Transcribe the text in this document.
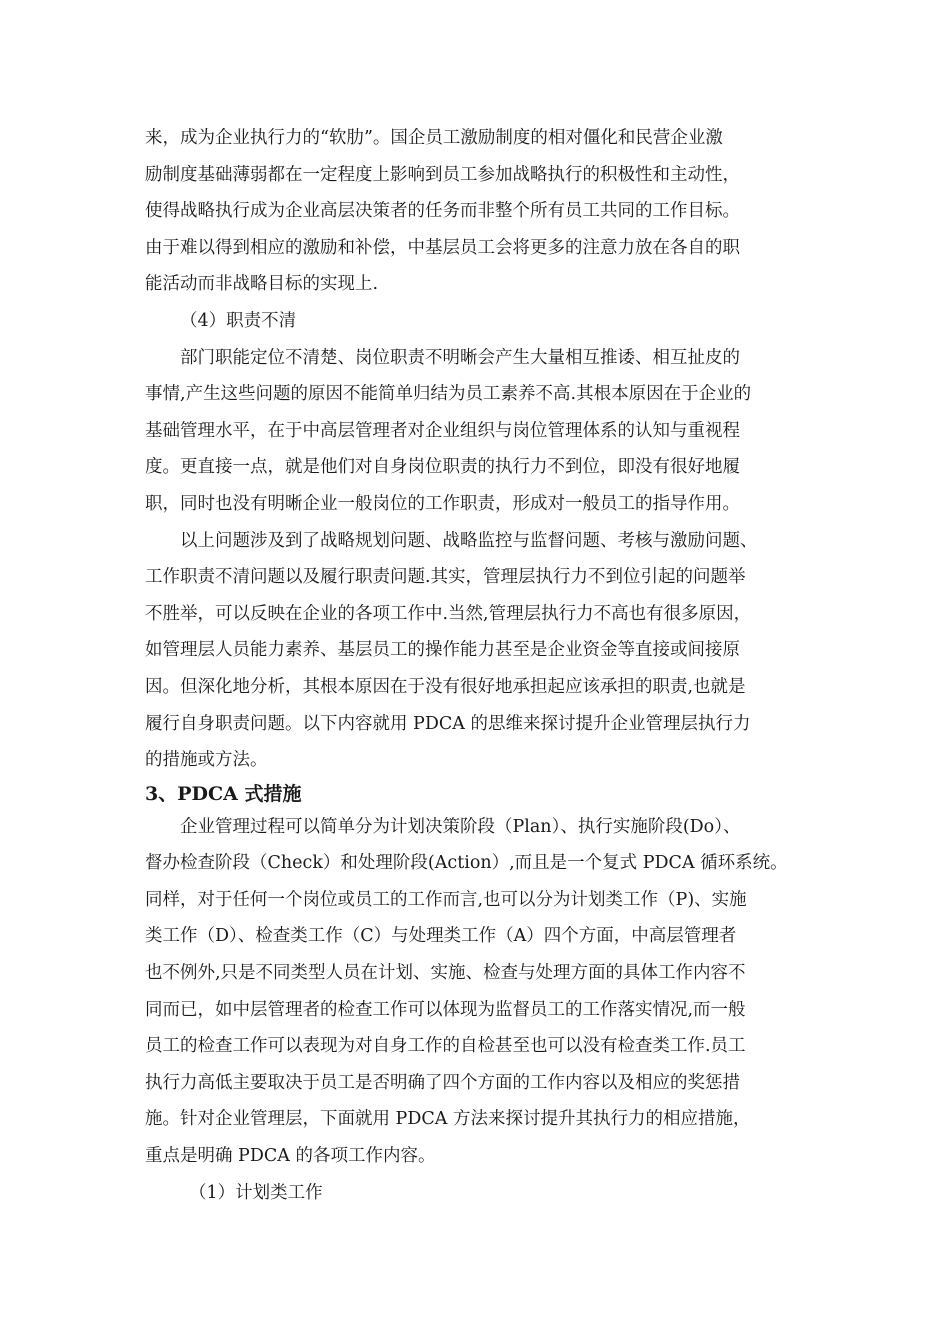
来，成为企业执行力的“软肋”。国企员工激励制度的相对僵化和民营企业激
励制度基础薄弱都在一定程度上影响到员工参加战略执行的积极性和主动性，
使得战略执行成为企业高层决策者的任务而非整个所有员工共同的工作目标。
由于难以得到相应的激励和补偿，中基层员工会将更多的注意力放在各自的职
能活动而非战略目标的实现上.
（4）职责不清
部门职能定位不清楚、岗位职责不明晰会产生大量相互推诿、相互扯皮的
事情,产生这些问题的原因不能简单归结为员工素养不高.其根本原因在于企业的
基础管理水平，在于中高层管理者对企业组织与岗位管理体系的认知与重视程
度。更直接一点，就是他们对自身岗位职责的执行力不到位，即没有很好地履
职，同时也没有明晰企业一般岗位的工作职责，形成对一般员工的指导作用。
以上问题涉及到了战略规划问题、战略监控与监督问题、考核与激励问题、
工作职责不清问题以及履行职责问题.其实，管理层执行力不到位引起的问题举
不胜举，可以反映在企业的各项工作中.当然,管理层执行力不高也有很多原因，
如管理层人员能力素养、基层员工的操作能力甚至是企业资金等直接或间接原
因。但深化地分析，其根本原因在于没有很好地承担起应该承担的职责,也就是
履行自身职责问题。以下内容就用 PDCA 的思维来探讨提升企业管理层执行力
的措施或方法。
3、PDCA 式措施
企业管理过程可以简单分为计划决策阶段（Plan）、执行实施阶段(Do）、
督办检查阶段（Check）和处理阶段(Action）,而且是一个复式 PDCA 循环系统。
同样，对于任何一个岗位或员工的工作而言,也可以分为计划类工作（P)、实施
类工作（D）、检查类工作（C）与处理类工作（A）四个方面，中高层管理者
也不例外,只是不同类型人员在计划、实施、检查与处理方面的具体工作内容不
同而已，如中层管理者的检查工作可以体现为监督员工的工作落实情况,而一般
员工的检查工作可以表现为对自身工作的自检甚至也可以没有检查类工作.员工
执行力高低主要取决于员工是否明确了四个方面的工作内容以及相应的奖惩措
施。针对企业管理层，下面就用 PDCA 方法来探讨提升其执行力的相应措施，
重点是明确 PDCA 的各项工作内容。
（1）计划类工作
